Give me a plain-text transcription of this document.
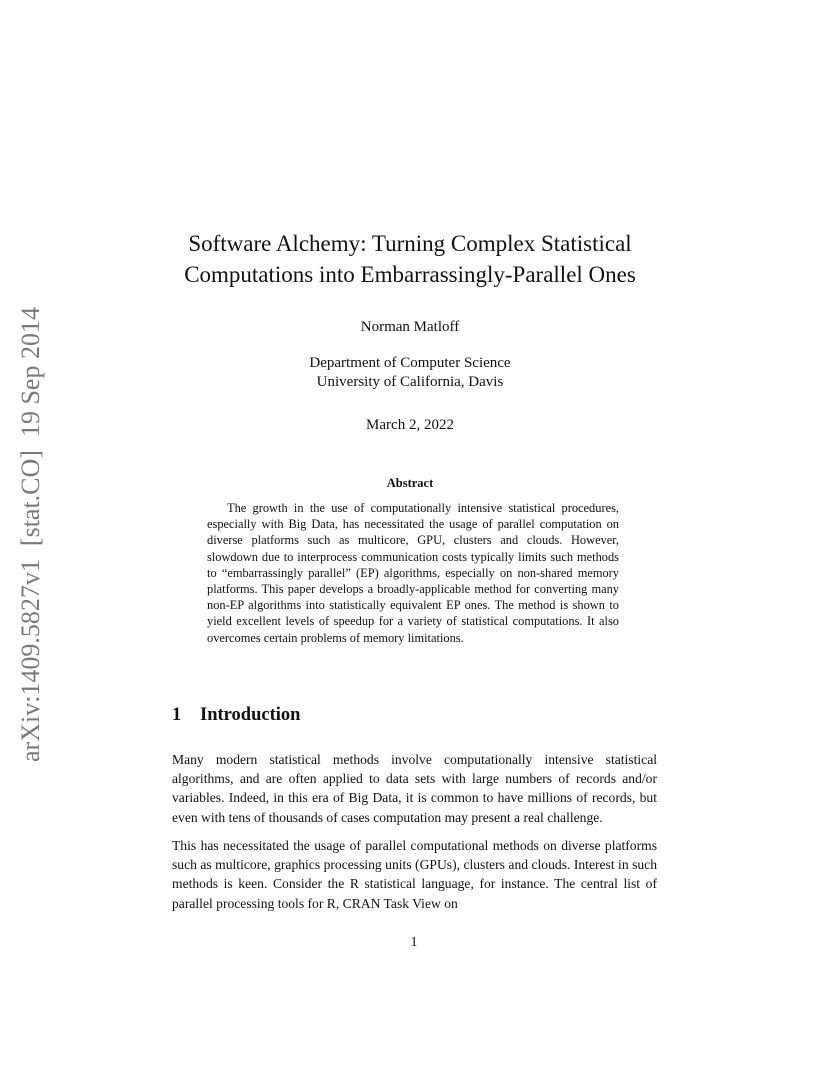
arXiv:1409.5827v1  [stat.CO]  19 Sep 2014
Software Alchemy: Turning Complex Statistical
Computations into Embarrassingly-Parallel Ones
Norman Matloff
Department of Computer Science
University of California, Davis
March 2, 2022
Abstract

The growth in the use of computationally intensive statistical procedures, especially with Big Data, has necessitated the usage of parallel computation on diverse platforms such as multicore, GPU, clusters and clouds. However, slowdown due to interprocess communication costs typically limits such methods to “embarrassingly parallel” (EP) algorithms, especially on non-shared memory platforms. This paper develops a broadly-applicable method for converting many non-EP algorithms into statistically equivalent EP ones. The method is shown to yield excellent levels of speedup for a variety of statistical computations. It also overcomes certain problems of memory limitations.

1 Introduction

Many modern statistical methods involve computationally intensive statistical algorithms, and are often applied to data sets with large numbers of records and/or variables. Indeed, in this era of Big Data, it is common to have millions of records, but even with tens of thousands of cases computation may present a real challenge.

This has necessitated the usage of parallel computational methods on diverse platforms such as multicore, graphics processing units (GPUs), clusters and clouds. Interest in such methods is keen. Consider the R statistical language, for instance. The central list of parallel processing tools for R, CRAN Task View on

1
